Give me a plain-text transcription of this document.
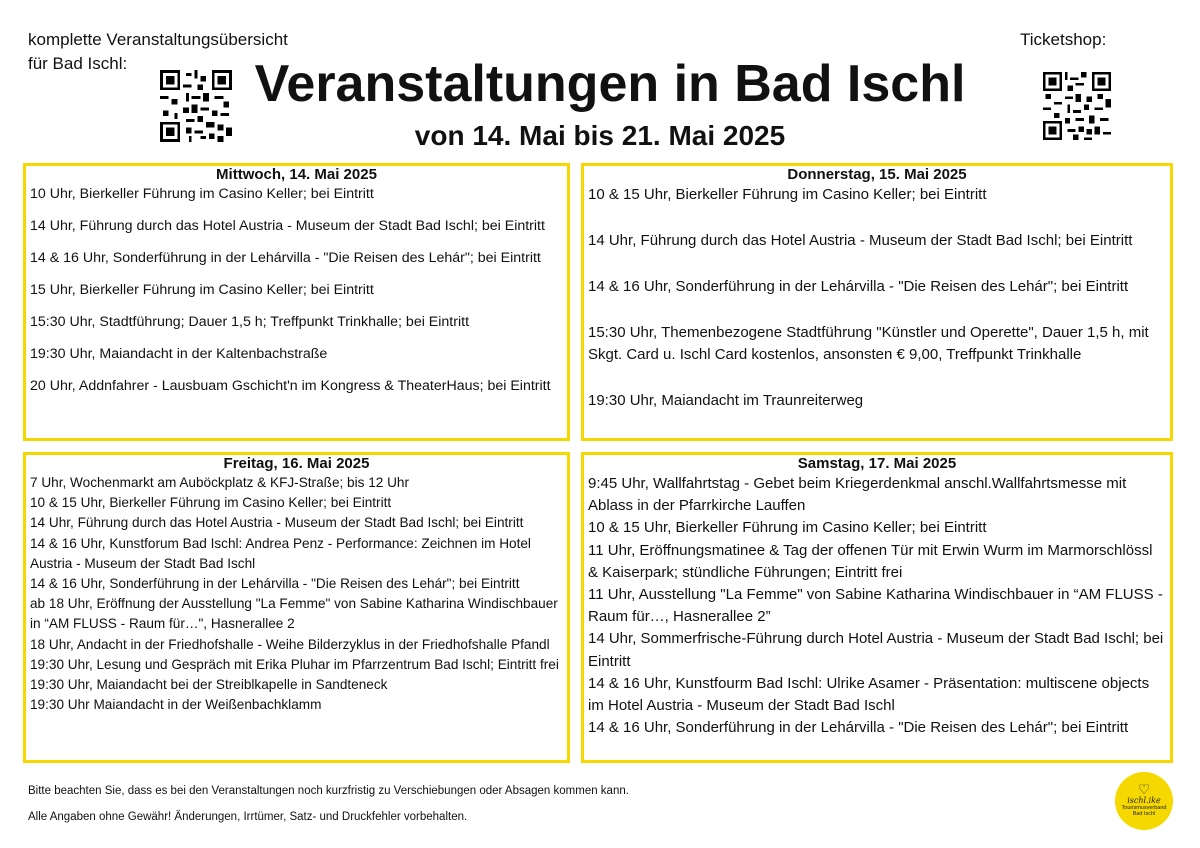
komplette Veranstaltungsübersicht
für Bad Ischl:	Veranstaltungen in Bad Ischl
von 14. Mai bis 21. Mai 2025
Ticketshop:
Mittwoch, 14. Mai 2025
10 Uhr, Bierkeller Führung im Casino Keller; bei Eintritt
14 Uhr, Führung durch das Hotel Austria - Museum der Stadt Bad Ischl; bei Eintritt
14 & 16 Uhr, Sonderführung in der Lehárvilla - "Die Reisen des Lehár"; bei Eintritt
15 Uhr, Bierkeller Führung im Casino Keller; bei Eintritt
15:30 Uhr, Stadtführung; Dauer 1,5 h; Treffpunkt Trinkhalle; bei Eintritt
19:30 Uhr, Maiandacht in der Kaltenbachstraße
20 Uhr, Addnfahrer - Lausbuam Gschicht'n im Kongress & TheaterHaus; bei Eintritt
Donnerstag, 15. Mai 2025
10 & 15 Uhr, Bierkeller Führung im Casino Keller; bei Eintritt
14 Uhr, Führung durch das Hotel Austria - Museum der Stadt Bad Ischl; bei Eintritt
14 & 16 Uhr, Sonderführung in der Lehárvilla - "Die Reisen des Lehár"; bei Eintritt
15:30 Uhr, Themenbezogene Stadtführung "Künstler und Operette", Dauer 1,5 h, mit Skgt. Card u. Ischl Card kostenlos, ansonsten € 9,00, Treffpunkt Trinkhalle
19:30 Uhr, Maiandacht im Traunreiterweg
Freitag, 16. Mai 2025
7 Uhr, Wochenmarkt am Auböckplatz & KFJ-Straße; bis 12 Uhr
10 & 15 Uhr, Bierkeller Führung im Casino Keller; bei Eintritt
14 Uhr, Führung durch das Hotel Austria - Museum der Stadt Bad Ischl; bei Eintritt
14 & 16 Uhr, Kunstforum Bad Ischl: Andrea Penz - Performance: Zeichnen im Hotel Austria - Museum der Stadt Bad Ischl
14 & 16 Uhr, Sonderführung in der Lehárvilla - "Die Reisen des Lehár"; bei Eintritt
ab 18 Uhr, Eröffnung der Ausstellung "La Femme" von Sabine Katharina Windischbauer in “AM FLUSS - Raum für…", Hasnerallee 2
18 Uhr, Andacht in der Friedhofshalle - Weihe Bilderzyklus in der Friedhofshalle Pfandl
19:30 Uhr, Lesung und Gespräch mit Erika Pluhar im Pfarrzentrum Bad Ischl; Eintritt frei
19:30 Uhr, Maiandacht bei der Streiblkapelle in Sandteneck
19:30 Uhr Maiandacht in der Weißenbachklamm
Samstag, 17. Mai 2025
9:45 Uhr, Wallfahrtstag - Gebet beim Kriegerdenkmal anschl.Wallfahrtsmesse mit Ablass in der Pfarrkirche Lauffen
10 & 15 Uhr, Bierkeller Führung im Casino Keller; bei Eintritt
11 Uhr, Eröffnungsmatinee & Tag der offenen Tür mit Erwin Wurm im Marmorschlössl & Kaiserpark; stündliche Führungen; Eintritt frei
11 Uhr, Ausstellung "La Femme" von Sabine Katharina Windischbauer in “AM FLUSS - Raum für…, Hasnerallee 2”
14 Uhr, Sommerfrische-Führung durch Hotel Austria - Museum der Stadt Bad Ischl; bei Eintritt
14 & 16 Uhr, Kunstfourm Bad Ischl: Ulrike Asamer - Präsentation: multiscene objects im Hotel Austria - Museum der Stadt Bad Ischl
14 & 16 Uhr, Sonderführung in der Lehárvilla - "Die Reisen des Lehár"; bei Eintritt
Bitte beachten Sie, dass es bei den Veranstaltungen noch kurzfristig zu Verschiebungen oder Absagen kommen kann.
Alle Angaben ohne Gewähr! Änderungen, Irrtümer, Satz- und Druckfehler vorbehalten.
♡
ischl.ike
Tourismusverband
Bad Ischl
